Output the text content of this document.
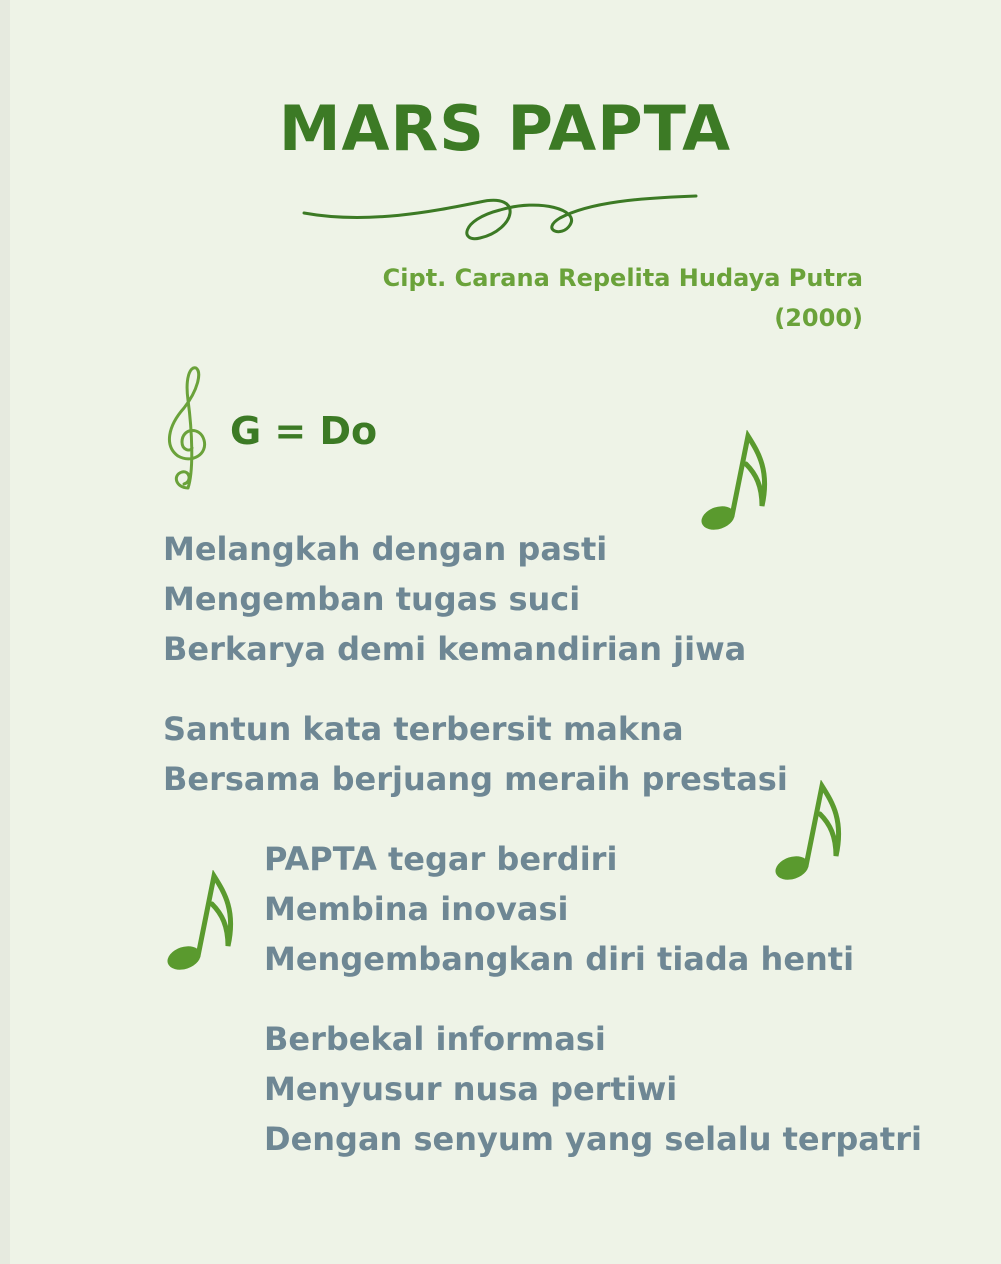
MARS PAPTA
Cipt. Carana Repelita Hudaya Putra
(2000)
G = Do
Melangkah dengan pasti
Mengemban tugas suci
Berkarya demi kemandirian jiwa
Santun kata terbersit makna
Bersama berjuang meraih prestasi
PAPTA tegar berdiri
Membina inovasi
Mengembangkan diri tiada henti
Berbekal informasi
Menyusur nusa pertiwi
Dengan senyum yang selalu terpatri
